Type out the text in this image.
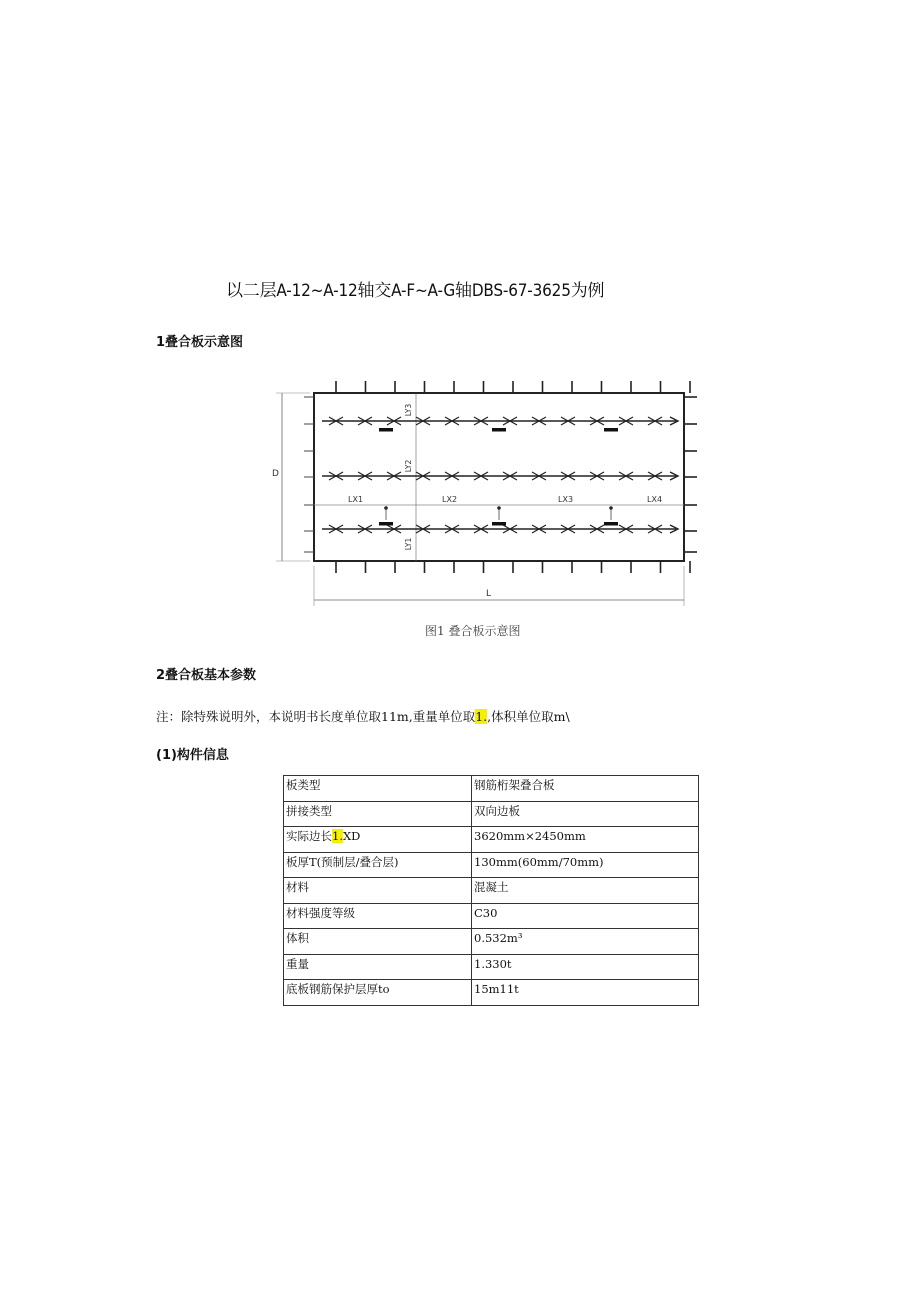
以二层A-12~A-12轴交A-F~A-G轴DBS-67-3625为例
1叠合板示意图
LX1	LX2	LX3	LX4
LY3
LY2
LY1
D
L
图1 叠合板示意图
2叠合板基本参数
注：除特殊说明外，本说明书长度单位取11m,重量单位取1.,体积单位取m\
(1)构件信息
板类型	钢筋桁架叠合板
拼接类型	双向边板
实际边长1.XD	3620mm×2450mm
板厚T(预制层/叠合层)	130mm(60mm/70mm)
材料	混凝土
材料强度等级	C30
体积	0.532m³
重量	1.330t
底板钢筋保护层厚to	15m11t
